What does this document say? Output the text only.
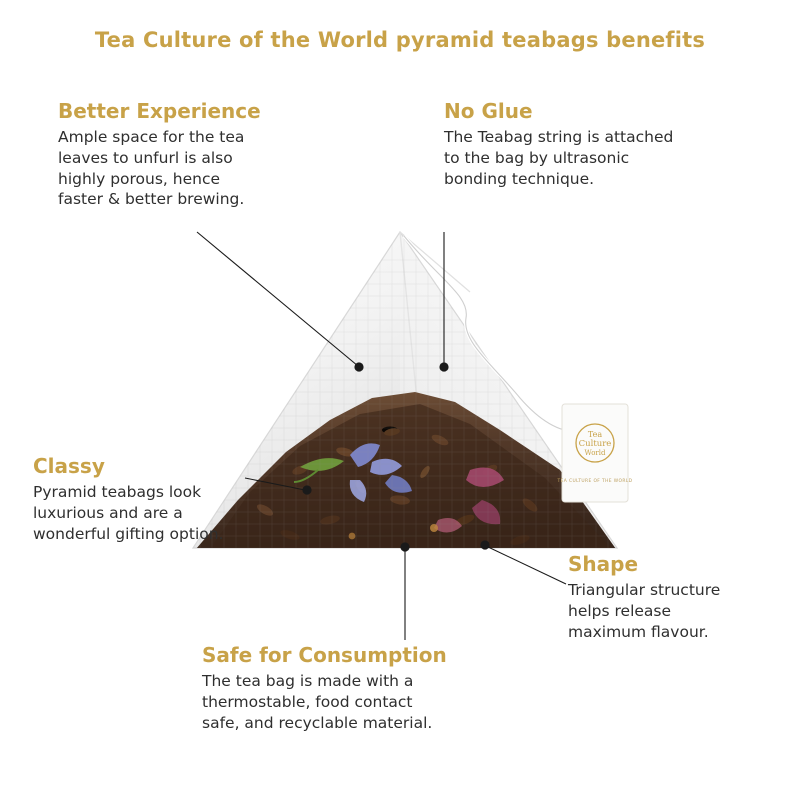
Tea Culture of the World pyramid teabags benefits
Tea
Culture
World
TEA CULTURE OF THE WORLD
Better Experience
Ample space for the tea
leaves to unfurl is also
highly porous, hence
faster & better brewing.
No Glue
The Teabag string is attached
to the bag by ultrasonic
bonding technique.
Classy
Pyramid teabags look
luxurious and are a
wonderful gifting option.
Shape
Triangular structure
helps release
maximum flavour.
Safe for Consumption
The tea bag is made with a
thermostable, food contact
safe, and recyclable material.
